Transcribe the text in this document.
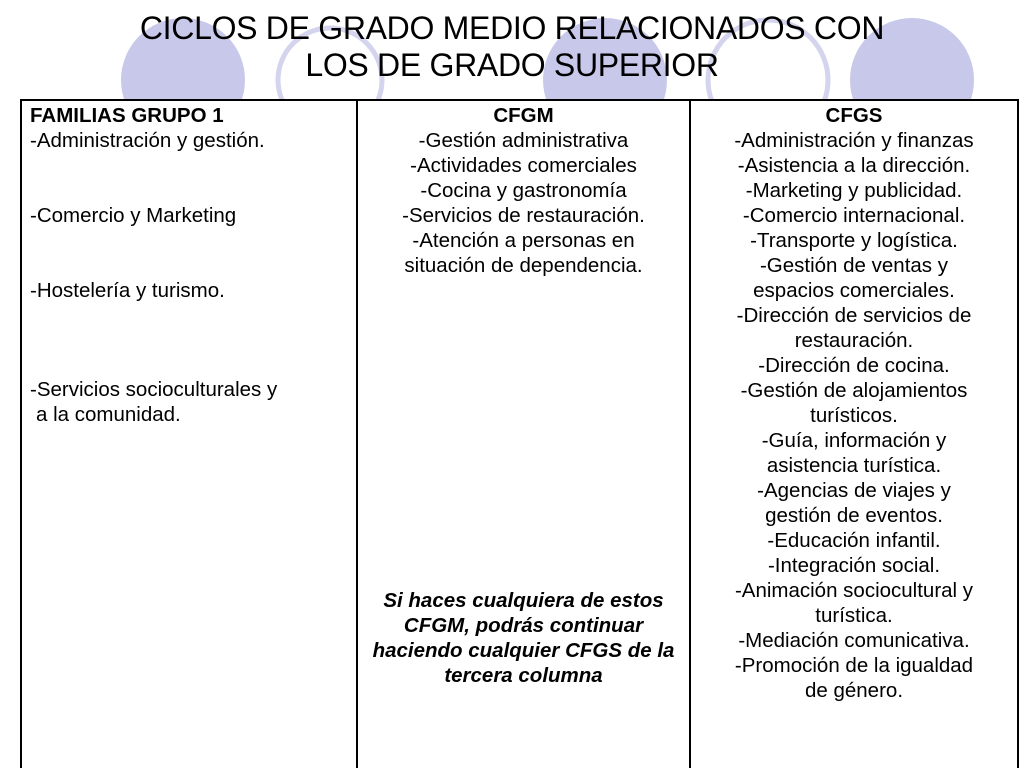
CICLOS DE GRADO MEDIO RELACIONADOS CON
LOS DE GRADO SUPERIOR
FAMILIAS GRUPO 1
-Administración y gestión.
-Comercio y Marketing
-Hostelería y turismo.
-Servicios socioculturales y
a la comunidad.

CFGM
-Gestión administrativa
-Actividades comerciales
-Cocina y gastronomía
-Servicios de restauración.
-Atención a personas en
situación de dependencia.
Si haces cualquiera de estos CFGM, podrás continuar haciendo cualquier CFGS de la tercera columna

CFGS
-Administración y finanzas
-Asistencia a la dirección.
-Marketing y publicidad.
-Comercio internacional.
-Transporte y logística.
-Gestión de ventas y
espacios comerciales.
-Dirección de servicios de
restauración.
-Dirección de cocina.
-Gestión de alojamientos
turísticos.
-Guía, información y
asistencia turística.
-Agencias de viajes y
gestión de eventos.
-Educación infantil.
-Integración social.
-Animación sociocultural y
turística.
-Mediación comunicativa.
-Promoción de la igualdad
de género.
